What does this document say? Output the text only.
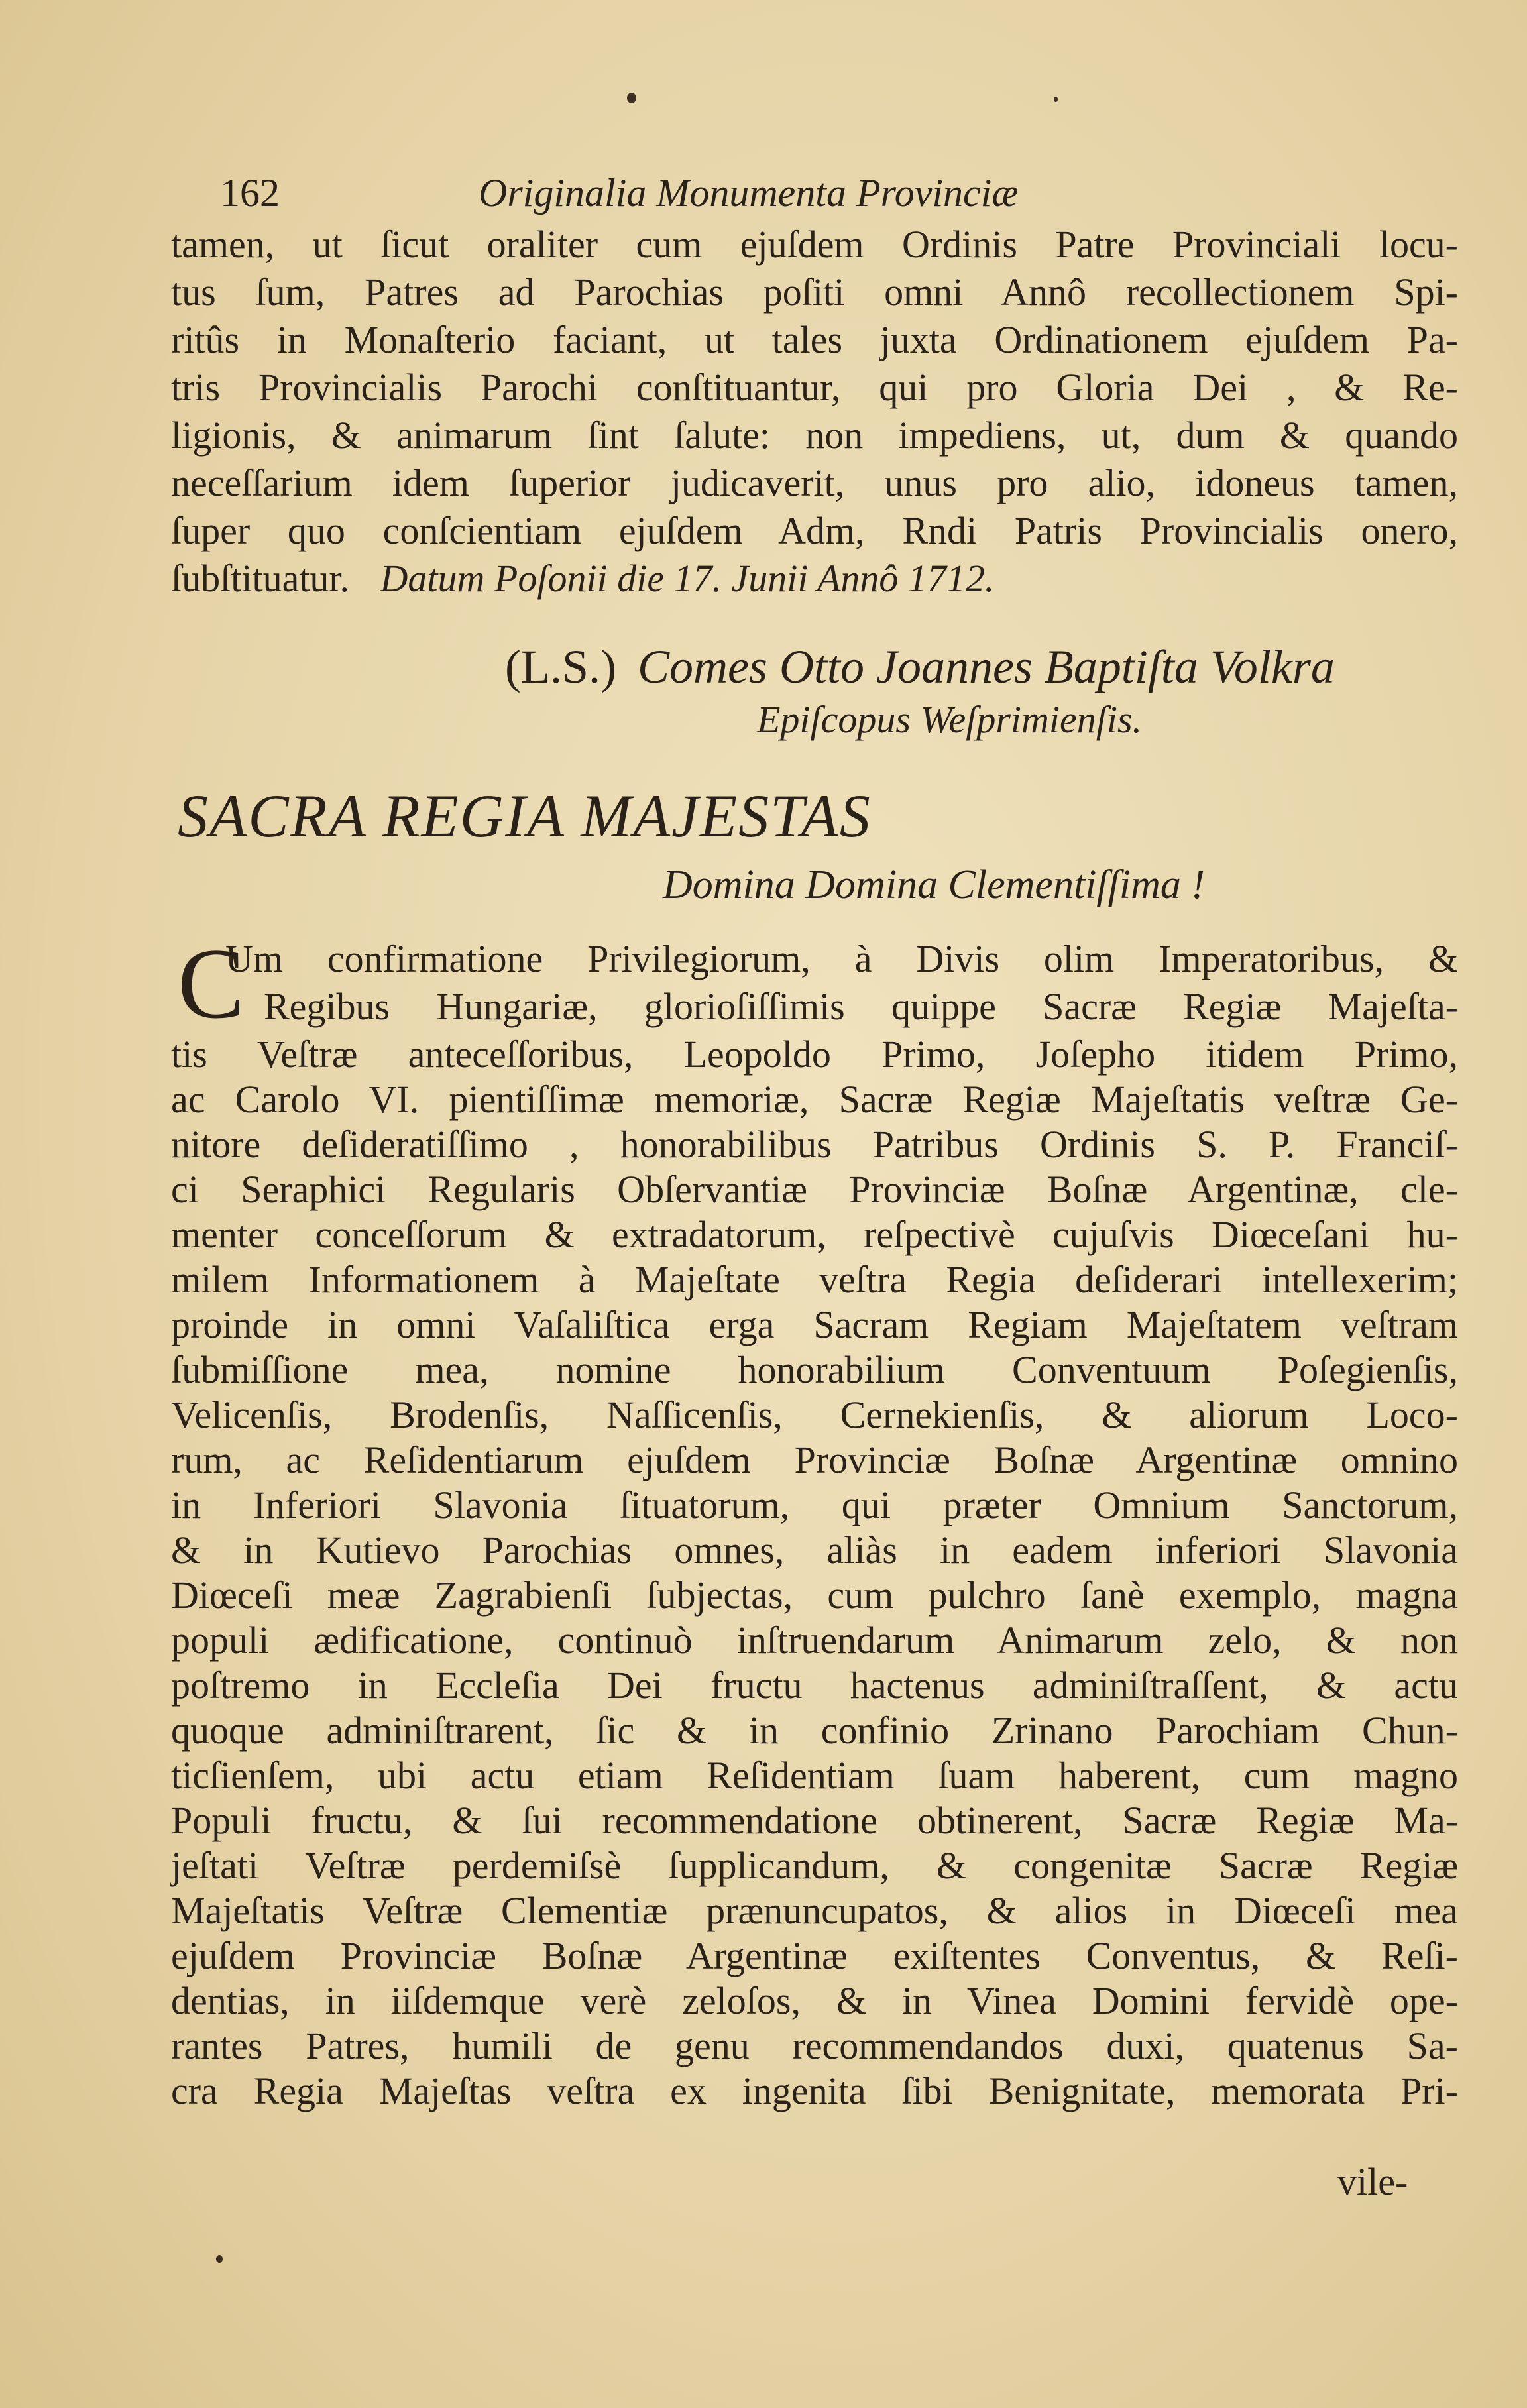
162	Originalia Monumenta Provinciæ
tamen, ut ſicut oraliter cum ejuſdem Ordinis Patre Provinciali locu-
tus ſum, Patres ad Parochias poſiti omni Annô recollectionem Spi-
ritûs in Monaſterio faciant, ut tales juxta Ordinationem ejuſdem Pa-
tris Provincialis Parochi conſtituantur, qui pro Gloria Dei , & Re-
ligionis, & animarum ſint ſalute: non impediens, ut, dum & quando
neceſſarium idem ſuperior judicaverit, unus pro alio, idoneus tamen,
ſuper quo conſcientiam ejuſdem Adm, Rndi Patris Provincialis onero,
ſubſtituatur. Datum Poſonii die 17. Junii Annô 1712.
(L.S.) Comes Otto Joannes Baptiſta Volkra
Epiſcopus Weſprimienſis.
SACRA REGIA MAJESTAS
Domina Domina Clementiſſima !
C
Um confirmatione Privilegiorum, à Divis olim Imperatoribus, &
Regibus Hungariæ, glorioſiſſimis quippe Sacræ Regiæ Majeſta-
tis Veſtræ anteceſſoribus, Leopoldo Primo, Joſepho itidem Primo,
ac Carolo VI. pientiſſimæ memoriæ, Sacræ Regiæ Majeſtatis veſtræ Ge-
nitore deſideratiſſimo , honorabilibus Patribus Ordinis S. P. Franciſ-
ci Seraphici Regularis Obſervantiæ Provinciæ Boſnæ Argentinæ, cle-
menter conceſſorum & extradatorum, reſpectivè cujuſvis Diœceſani hu-
milem Informationem à Majeſtate veſtra Regia deſiderari intellexerim;
proinde in omni Vaſaliſtica erga Sacram Regiam Majeſtatem veſtram
ſubmiſſione mea, nomine honorabilium Conventuum Poſegienſis,
Velicenſis, Brodenſis, Naſſicenſis, Cernekienſis, & aliorum Loco-
rum, ac Reſidentiarum ejuſdem Provinciæ Boſnæ Argentinæ omnino
in Inferiori Slavonia ſituatorum, qui præter Omnium Sanctorum,
& in Kutievo Parochias omnes, aliàs in eadem inferiori Slavonia
Diœceſi meæ Zagrabienſi ſubjectas, cum pulchro ſanè exemplo, magna
populi ædificatione, continuò inſtruendarum Animarum zelo, & non
poſtremo in Eccleſia Dei fructu hactenus adminiſtraſſent, & actu
quoque adminiſtrarent, ſic & in confinio Zrinano Parochiam Chun-
ticſienſem, ubi actu etiam Reſidentiam ſuam haberent, cum magno
Populi fructu, & ſui recommendatione obtinerent, Sacræ Regiæ Ma-
jeſtati Veſtræ perdemiſsè ſupplicandum, & congenitæ Sacræ Regiæ
Majeſtatis Veſtræ Clementiæ prænuncupatos, & alios in Diœceſi mea
ejuſdem Provinciæ Boſnæ Argentinæ exiſtentes Conventus, & Reſi-
dentias, in iiſdemque verè zeloſos, & in Vinea Domini fervidè ope-
rantes Patres, humili de genu recommendandos duxi, quatenus Sa-
cra Regia Majeſtas veſtra ex ingenita ſibi Benignitate, memorata Pri-
vile-
